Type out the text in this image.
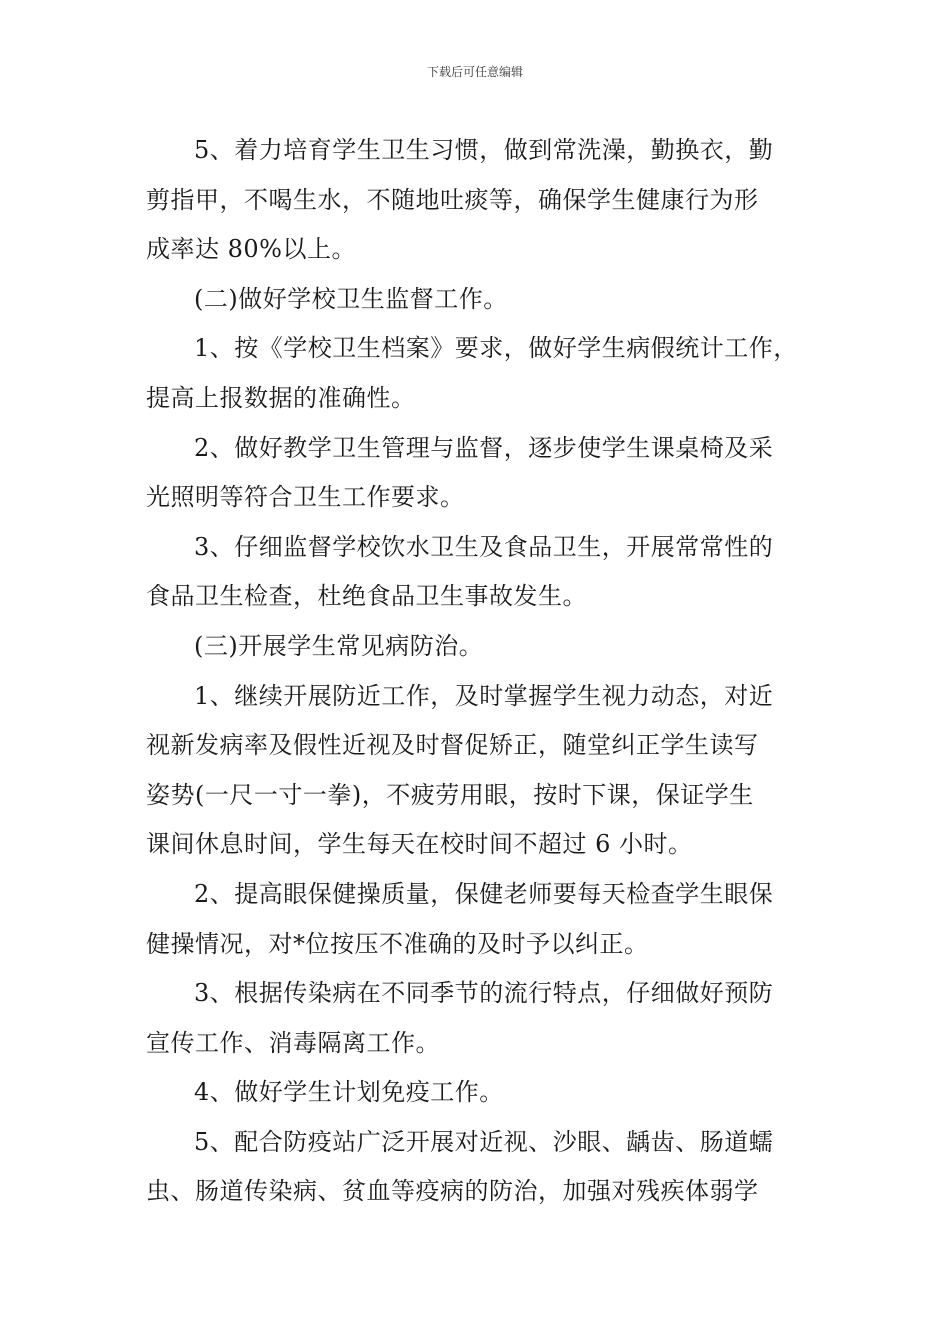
下载后可任意编辑
5、着力培育学生卫生习惯，做到常洗澡，勤换衣，勤
剪指甲，不喝生水，不随地吐痰等，确保学生健康行为形
成率达 80%以上。
(二)做好学校卫生监督工作。
1、按《学校卫生档案》要求，做好学生病假统计工作，
提高上报数据的准确性。
2、做好教学卫生管理与监督，逐步使学生课桌椅及采
光照明等符合卫生工作要求。
3、仔细监督学校饮水卫生及食品卫生，开展常常性的
食品卫生检查，杜绝食品卫生事故发生。
(三)开展学生常见病防治。
1、继续开展防近工作，及时掌握学生视力动态，对近
视新发病率及假性近视及时督促矫正，随堂纠正学生读写
姿势(一尺一寸一拳)，不疲劳用眼，按时下课，保证学生
课间休息时间，学生每天在校时间不超过 6 小时。
2、提高眼保健操质量，保健老师要每天检查学生眼保
健操情况，对*位按压不准确的及时予以纠正。
3、根据传染病在不同季节的流行特点，仔细做好预防
宣传工作、消毒隔离工作。
4、做好学生计划免疫工作。
5、配合防疫站广泛开展对近视、沙眼、龋齿、肠道蠕
虫、肠道传染病、贫血等疫病的防治，加强对残疾体弱学
